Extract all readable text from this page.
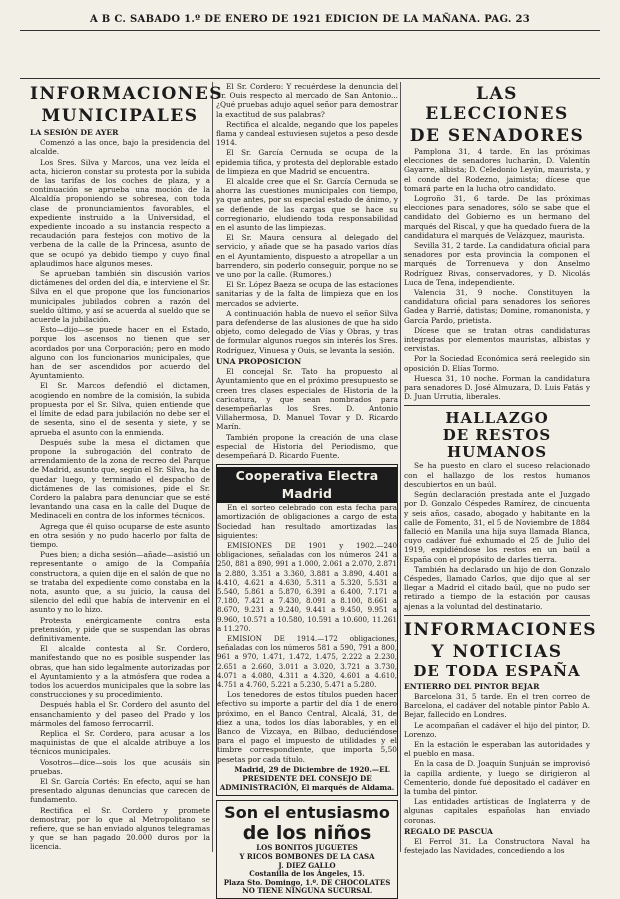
A B C. SABADO 1.º DE ENERO DE 1921 EDICION DE LA MAÑANA. PAG. 23
INFORMACIONES
MUNICIPALES
LA SESIÓN DE AYER

Comenzó a las once, bajo la presidencia del alcalde.

Los Sres. Silva y Marcos, una vez leída el acta, hicieron constar su protesta por la subida de las tarifas de los coches de plaza, y a continuación se aprueba una moción de la Alcaldía proponiendo se sobresea, con toda clase de pronunciamientos favorables, el expediente instruido a la Universidad, el expediente incoado a su instancia respecto a recaudación para festejos con motivo de la verbena de la calle de la Princesa, asunto de que se ocupó ya debido tiempo y cuyo final aplaudimos hace algunos meses.

Se aprueban también sin discusión varios dictámenes del orden del día, e interviene el Sr. Silva en el que propone que los funcionarios municipales jubilados cobren a razón del sueldo último, y así se acuerda al sueldo que se acuerde la jubilación.

Esto—dijo—se puede hacer en el Estado, porque los ascensos no tienen que ser acordados por una Corporación; pero en modo alguno con los funcionarios municipales, que han de ser ascendidos por acuerdo del Ayuntamiento.

El Sr. Marcos defendió el dictamen, acogiendo en nombre de la comisión, la subida propuesta por el Sr. Silva, quien entiende que el límite de edad para jubilación no debe ser el de sesenta, sino el de sesenta y siete, y se aprueba el asunto con la enmienda.

Después sube la mesa el dictamen que propone la subrogación del contrato de arrendamiento de la zona de recreo del Parque de Madrid, asunto que, según el Sr. Silva, ha de quedar luego, y terminado el despacho de dictámenes de las comisiones, pide el Sr. Cordero la palabra para denunciar que se esté levantando una casa en la calle del Duque de Medinaceli en contra de los informes técnicos.

Agrega que él quiso ocuparse de este asunto en otra sesión y no pudo hacerlo por falta de tiempo.

Pues bien; a dicha sesión—añade—asistió un representante o amigo de la Compañía constructora, a quien dije en el salón de que no se trataba del expediente como constaba en la nota, asunto que, a su juicio, la causa del silencio del edil que había de intervenir en el asunto y no lo hizo.

Protesta enérgicamente contra esta pretensión, y pide que se suspendan las obras definitivamente.

El alcalde contesta al Sr. Cordero, manifestando que no es posible suspender las obras, que han sido legalmente autorizadas por el Ayuntamiento y a la atmósfera que rodea a todos los acuerdos municipales que la sobre las construcciones y su procedimiento.

Después habla el Sr. Cordero del asunto del ensanchamiento y del paseo del Prado y los mármoles del famoso ferrocarril.

Replica el Sr. Cordero, para acusar a los maquinistas de que el alcalde atribuye a los técnicos municipales.

Vosotros—dice—sois los que acusáis sin pruebas.

El Sr. García Cortés: En efecto, aquí se han presentado algunas denuncias que carecen de fundamento.

Rectifica el Sr. Cordero y promete demostrar, por lo que al Metropolitano se refiere, que se han enviado algunos telegramas y que se han pagado 20.000 duros por la licencia.

El Sr. Cordero: Y recuérdese la denuncia del Sr. Ouis respecto al mercado de San Antonio... ¿Qué pruebas adujo aquel señor para demostrar la exactitud de sus palabras?

Rectifica el alcalde, negando que los papeles flama y candeal estuviesen sujetos a peso desde 1914.

El Sr. García Cernuda se ocupa de la epidemia tífica, y protesta del deplorable estado de limpieza en que Madrid se encuentra.

El alcalde cree que el Sr. García Cernuda se ahorra las cuestiones municipales con tiempo, ya que antes, por su especial estado de ánimo, y se defiende de las cargas que se hace su corregionario, eludiendo toda responsabilidad en el asunto de las limpiezas.

El Sr. Maura censura al delegado del servicio, y añade que se ha pasado varios días en el Ayuntamiento, dispuesto a atropellar a un barrendero, sin poderlo conseguir, porque no se ve uno por la calle. (Rumores.)

El Sr. López Baeza se ocupa de las estaciones sanitarias y de la falta de limpieza que en los mercados se advierte.

A continuación habla de nuevo el señor Silva para defenderse de las alusiones de que ha sido objeto, como delegado de Vías y Obras, y tras de formular algunos ruegos sin interés los Sres. Rodríguez, Vinuesa y Ouis, se levanta la sesión.

UNA PROPOSICION

El concejal Sr. Tato ha propuesto al Ayuntamiento que en el próximo presupuesto se creen tres clases especiales de Historia de la caricatura, y que sean nombrados para desempeñarlas los Sres. D. Antonio Villahermosa, D. Manuel Tovar y D. Ricardo Marín.

También propone la creación de una clase especial de Historia del Periodismo, que desempeñará D. Ricardo Fuente.

Cooperativa Electra Madrid

En el sorteo celebrado con esta fecha para amortización de obligaciones a cargo de esta Sociedad han resultado amortizadas las siguientes:

EMISIONES DE 1901 y 1902.—240 obligaciones, señaladas con los números 241 a 250, 881 a 890, 991 a 1.000, 2.061 a 2.070, 2.871 a 2.880, 3.351 a 3.360, 3.881 a 3.890, 4.401 a 4.410, 4.621 a 4.630, 5.311 a 5.320, 5.531 a 5.540, 5.861 a 5.870, 6.391 a 6.400, 7.171 a 7.180, 7.421 a 7.430, 8.091 a 8.100, 8.661 a 8.670, 9.231 a 9.240, 9.441 a 9.450, 9.951 a 9.960, 10.571 a 10.580, 10.591 a 10.600, 11.261 a 11.270.

EMISION DE 1914.—172 obligaciones, señaladas con los números 581 a 590, 791 a 800, 961 a 970, 1.471, 1.472, 1.475, 2.222 a 2.230, 2.651 a 2.660, 3.011 a 3.020, 3.721 a 3.730, 4.071 a 4.080, 4.311 a 4.320, 4.601 a 4.610, 4.751 a 4.760, 5.221 a 5.230, 5.471 a 5.280.

Los tenedores de estos títulos pueden hacer efectivo su importe a partir del día 1 de enero próximo, en el Banco Central, Alcalá, 31, de diez a una, todos los días laborables, y en el Banco de Vizcaya, en Bilbao, deduciéndose para el pago el impuesto de utilidades y el timbre correspondiente, que importa 5,50 pesetas por cada título.

Madrid, 29 de Diciembre de 1920.—EL PRESIDENTE DEL CONSEJO DE ADMINISTRACIÓN, El marqués de Aldama.

Son el entusiasmo
de los niños
LOS BONITOS JUGUETES
Y RICOS BOMBONES DE LA CASA
J. DIEZ GALLO
Costanilla de los Ángeles, 15.
Plaza Sto. Domingo, 1.º. DE CHOCOLATES
NO TIENE NINGUNA SUCURSAL
LAS ELECCIONES
DE SENADORES

Pamplona 31, 4 tarde. En las próximas elecciones de senadores lucharán, D. Valentín Gayarre, albista; D. Celedonio Leyún, maurista, y el conde del Rodezno, jaimista; dícese que tomará parte en la lucha otro candidato.

Logroño 31, 6 tarde. De las próximas elecciones para senadores, sólo se sabe que el candidato del Gobierno es un hermano del marqués del Riscal, y que ha quedado fuera de la candidatura el marqués de Velázquez, maurista.

Sevilla 31, 2 tarde. La candidatura oficial para senadores por esta provincia la componen el marqués de Torrenueva y don Anselmo Rodríguez Rivas, conservadores, y D. Nicolás Luca de Tena, independiente.

Valencia 31, 9 noche. Constituyen la candidatura oficial para senadores los señores Gadea y Barrié, datistas; Domine, romanonista, y García Pardo, prietista.

Dícese que se tratan otras candidaturas integradas por elementos mauristas, albistas y cervistas.

Por la Sociedad Económica será reelegido sin oposición D. Elías Tormo.

Huesca 31, 10 noche. Forman la candidatura para senadores D. José Almuzara, D. Luis Fatás y D. Juan Urrutia, liberales.

HALLAZGO
DE RESTOS HUMANOS

Se ha puesto en claro el suceso relacionado con el hallazgo de los restos humanos descubiertos en un baúl.

Según declaración prestada ante el Juzgado por D. Gonzalo Céspedes Ramírez, de cincuenta y seis años, casado, abogado y habitante en la calle de Fomento, 31, el 5 de Noviembre de 1884 falleció en Manila una hija suya llamada Blanca, cuyo cadáver fué exhumado el 25 de Julio del 1919, expidiéndose los restos en un baúl a España con el propósito de darles tierra.

También ha declarado un hijo de don Gonzalo Céspedes, llamado Carlos, que dijo que al ser llegar a Madrid el citado baúl, que no pudo ser retirado a tiempo de la estación por causas ajenas a la voluntad del destinatario.

INFORMACIONES
Y NOTICIAS
DE TODA ESPAÑA
ENTIERRO DEL PINTOR BEJAR

Barcelona 31, 5 tarde. En el tren correo de Barcelona, el cadáver del notable pintor Pablo A. Bejar, fallecido en Londres.

Le acompañan el cadáver el hijo del pintor, D. Lorenzo.

En la estación le esperaban las autoridades y el pueblo en masa.

En la casa de D. Joaquín Sunjuán se improvisó la capilla ardiente, y luego se dirigieron al Cementerio, donde fué depositado el cadáver en la tumba del pintor.

Las entidades artísticas de Inglaterra y de algunas capitales españolas han enviado coronas.

REGALO DE PASCUA

El Ferrol 31. La Constructora Naval ha festejado las Navidades, concediendo a los
